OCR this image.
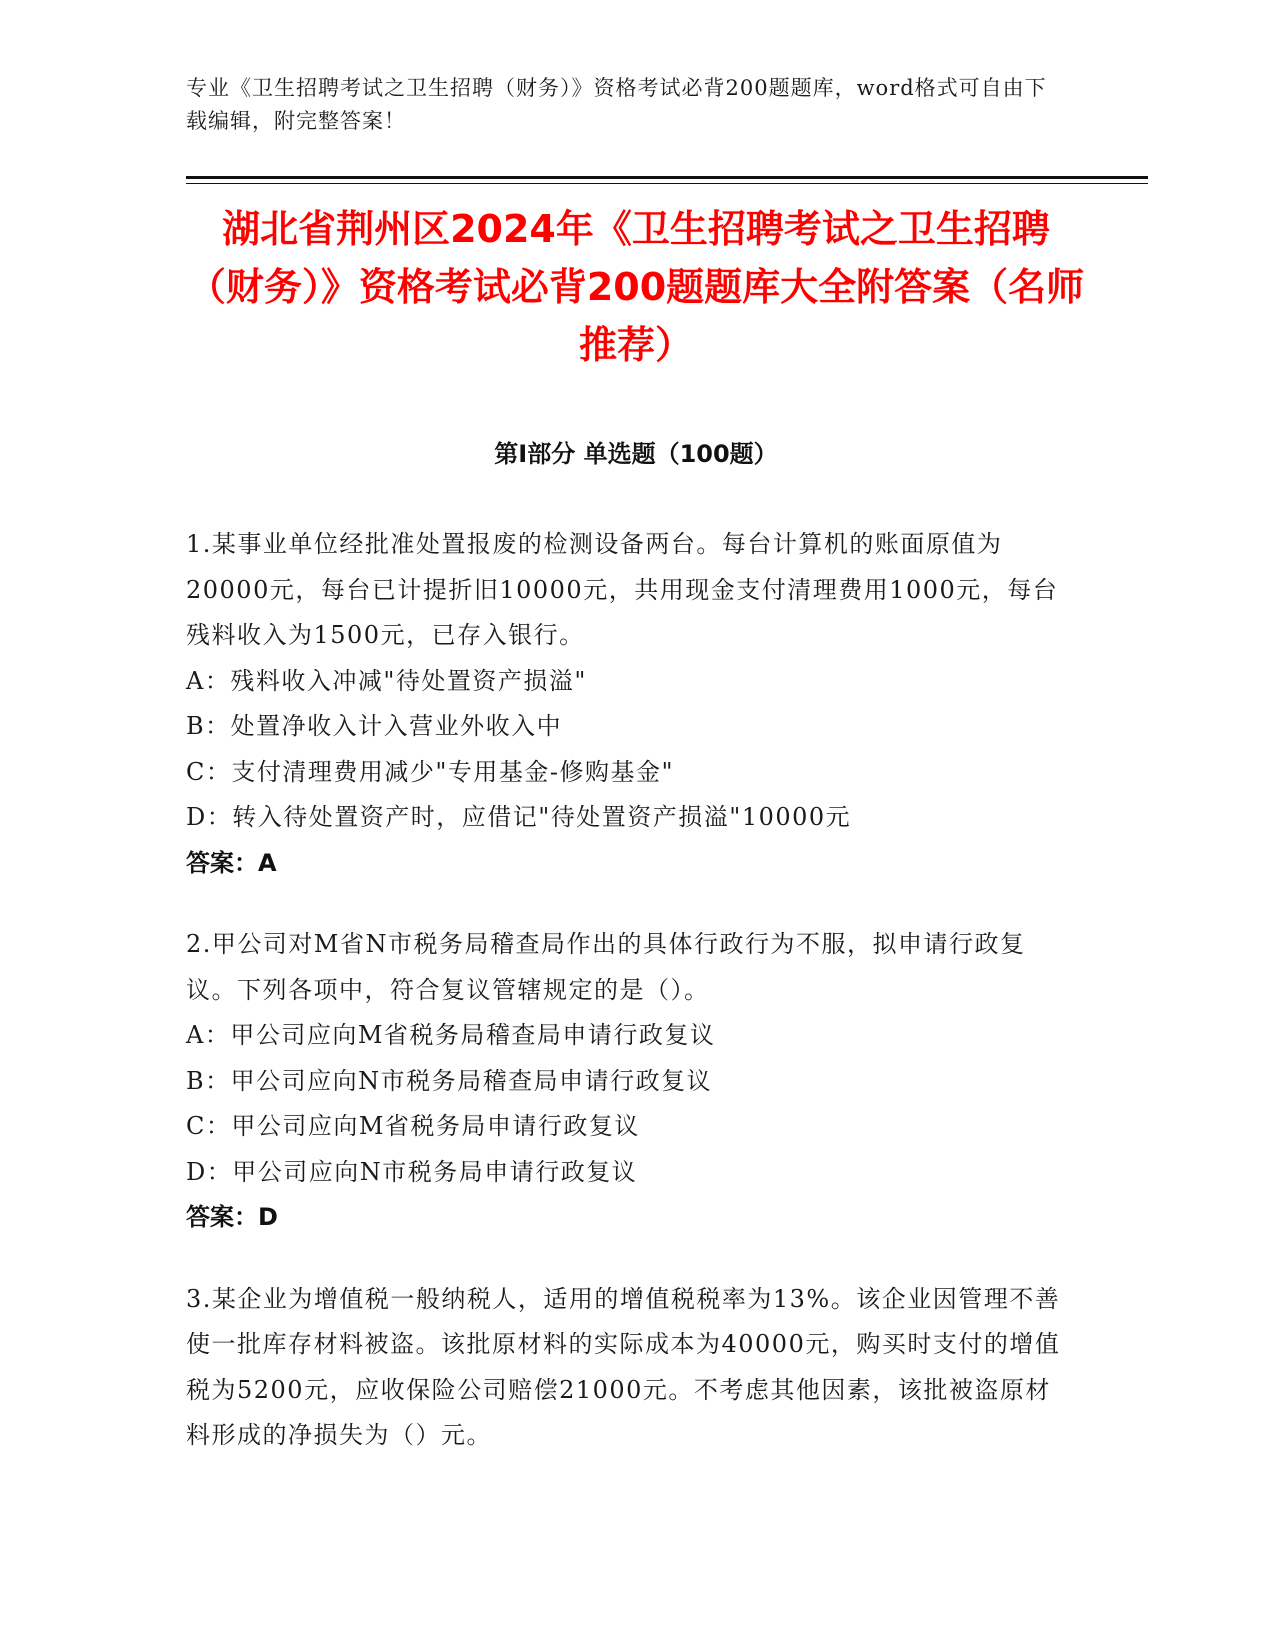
专业《卫生招聘考试之卫生招聘（财务）》资格考试必背200题题库，word格式可自由下载编辑，附完整答案！
湖北省荆州区2024年《卫生招聘考试之卫生招聘（财务）》资格考试必背200题题库大全附答案（名师推荐）
第I部分 单选题（100题）
1.某事业单位经批准处置报废的检测设备两台。每台计算机的账面原值为20000元，每台已计提折旧10000元，共用现金支付清理费用1000元，每台残料收入为1500元，已存入银行。
A：残料收入冲减"待处置资产损溢"
B：处置净收入计入营业外收入中
C：支付清理费用减少"专用基金-修购基金"
D：转入待处置资产时，应借记"待处置资产损溢"10000元
答案：A
2.甲公司对M省N市税务局稽查局作出的具体行政行为不服，拟申请行政复议。下列各项中，符合复议管辖规定的是（）。
A：甲公司应向M省税务局稽查局申请行政复议
B：甲公司应向N市税务局稽查局申请行政复议
C：甲公司应向M省税务局申请行政复议
D：甲公司应向N市税务局申请行政复议
答案：D
3.某企业为增值税一般纳税人，适用的增值税税率为13%。该企业因管理不善使一批库存材料被盗。该批原材料的实际成本为40000元，购买时支付的增值税为5200元，应收保险公司赔偿21000元。不考虑其他因素，该批被盗原材料形成的净损失为（）元。
